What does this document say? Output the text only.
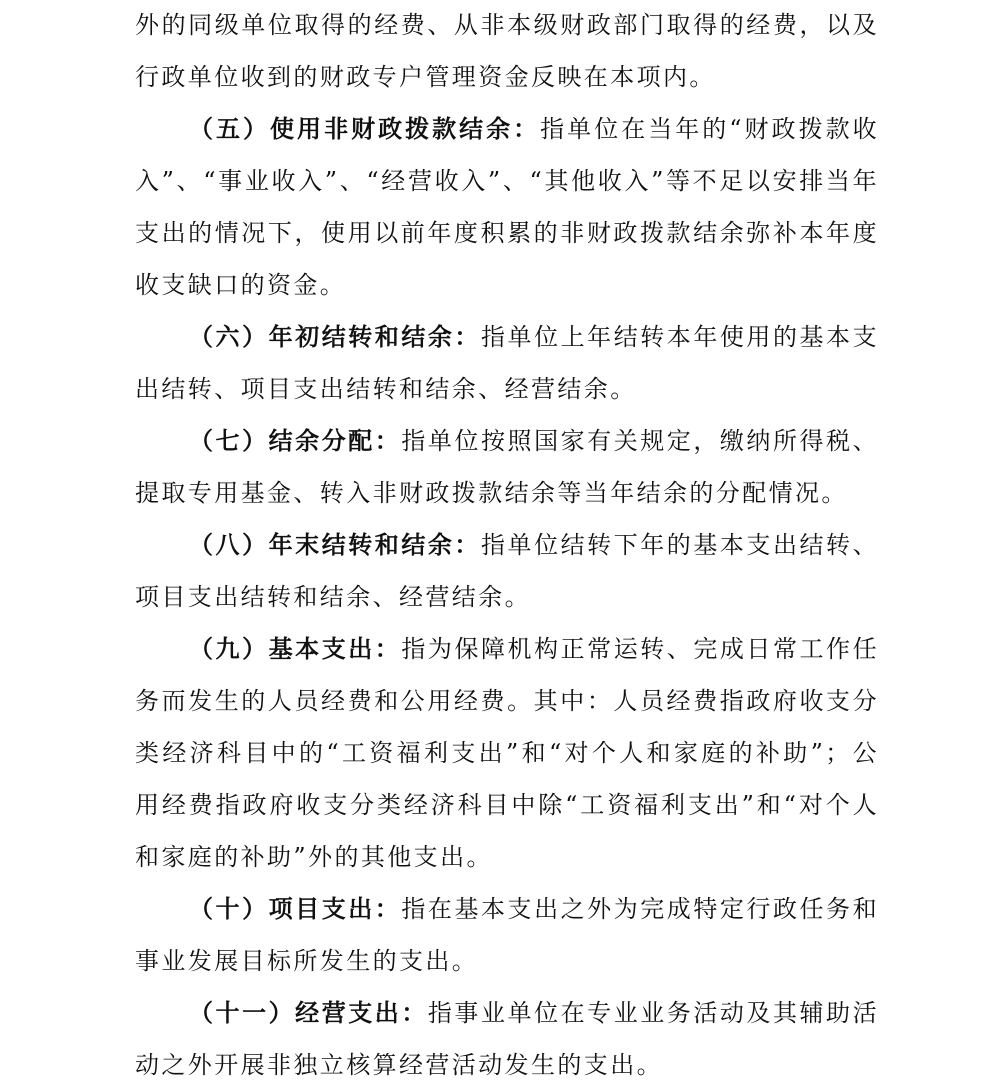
外的同级单位取得的经费、从非本级财政部门取得的经费，以及行政单位收到的财政专户管理资金反映在本项内。

（五）使用非财政拨款结余：指单位在当年的“财政拨款收入”、“事业收入”、“经营收入”、“其他收入”等不足以安排当年支出的情况下，使用以前年度积累的非财政拨款结余弥补本年度收支缺口的资金。

（六）年初结转和结余：指单位上年结转本年使用的基本支出结转、项目支出结转和结余、经营结余。

（七）结余分配：指单位按照国家有关规定，缴纳所得税、提取专用基金、转入非财政拨款结余等当年结余的分配情况。

（八）年末结转和结余：指单位结转下年的基本支出结转、项目支出结转和结余、经营结余。

（九）基本支出：指为保障机构正常运转、完成日常工作任务而发生的人员经费和公用经费。其中：人员经费指政府收支分类经济科目中的“工资福利支出”和“对个人和家庭的补助”；公用经费指政府收支分类经济科目中除“工资福利支出”和“对个人和家庭的补助”外的其他支出。

（十）项目支出：指在基本支出之外为完成特定行政任务和事业发展目标所发生的支出。

（十一）经营支出：指事业单位在专业业务活动及其辅助活动之外开展非独立核算经营活动发生的支出。
